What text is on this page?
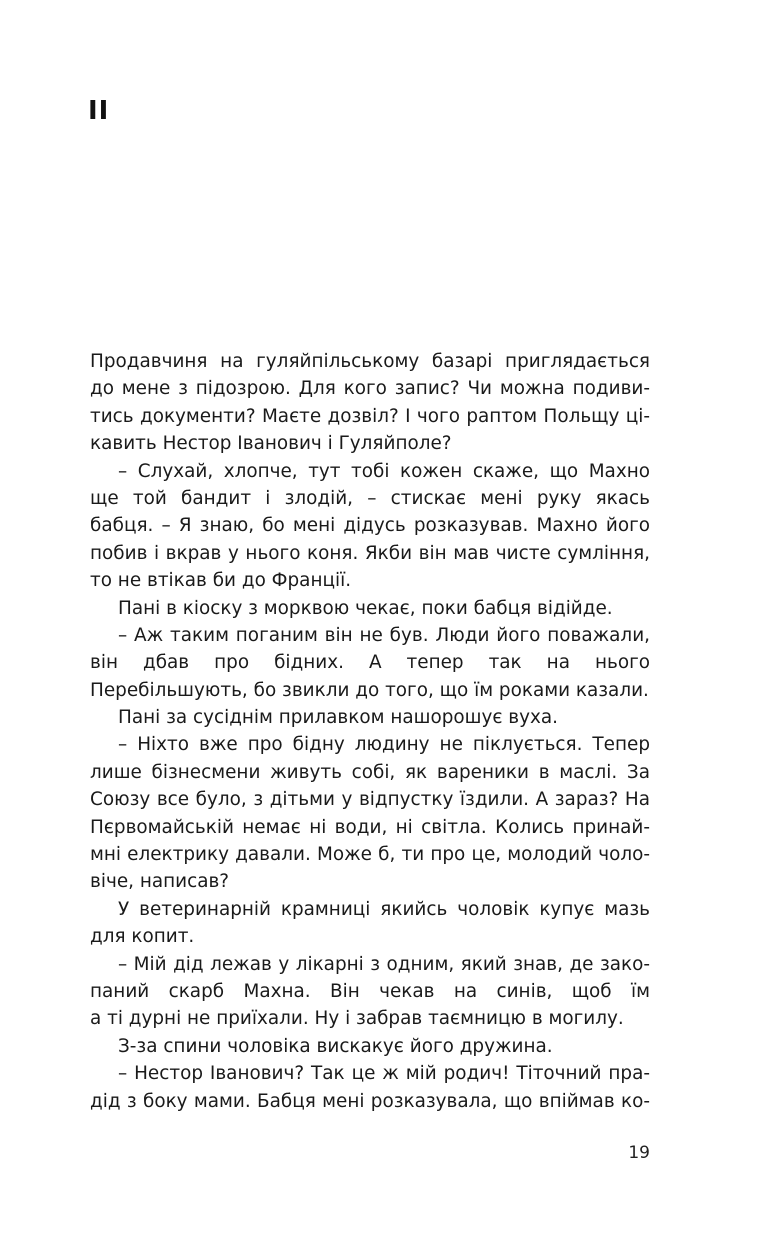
II
Продавчиня на гуляйпільському базарі приглядається
до мене з підозрою. Для кого запис? Чи можна подиви-
тись документи? Маєте дозвіл? І чого раптом Польщу ці-
кавить Нестор Іванович і Гуляйполе?
– Слухай, хлопче, тут тобі кожен скаже, що Махно
ще той бандит і злодій, – стискає мені руку якась
бабця. – Я знаю, бо мені дідусь розказував. Махно його
побив і вкрав у нього коня. Якби він мав чисте сумління,
то не втікав би до Франції.
Пані в кіоску з морквою чекає, поки бабця відійде.
– Аж таким поганим він не був. Люди його поважали,
він дбав про бідних. А тепер так на нього
Перебільшують, бо звикли до того, що їм роками казали.
Пані за сусіднім прилавком нашорошує вуха.
– Ніхто вже про бідну людину не піклується. Тепер
лише бізнесмени живуть собі, як вареники в маслі. За
Союзу все було, з дітьми у відпустку їздили. А зараз? На
Пєрвомайській немає ні води, ні світла. Колись принай-
мні електрику давали. Може б, ти про це, молодий чоло-
віче, написав?
У ветеринарній крамниці якийсь чоловік купує мазь
для копит.
– Мій дід лежав у лікарні з одним, який знав, де зако-
паний скарб Махна. Він чекав на синів, щоб їм
а ті дурні не приїхали. Ну і забрав таємницю в могилу.
З-за спини чоловіка вискакує його дружина.
– Нестор Іванович? Так це ж мій родич! Тіточний пра-
дід з боку мами. Бабця мені розказувала, що впіймав ко-
19
